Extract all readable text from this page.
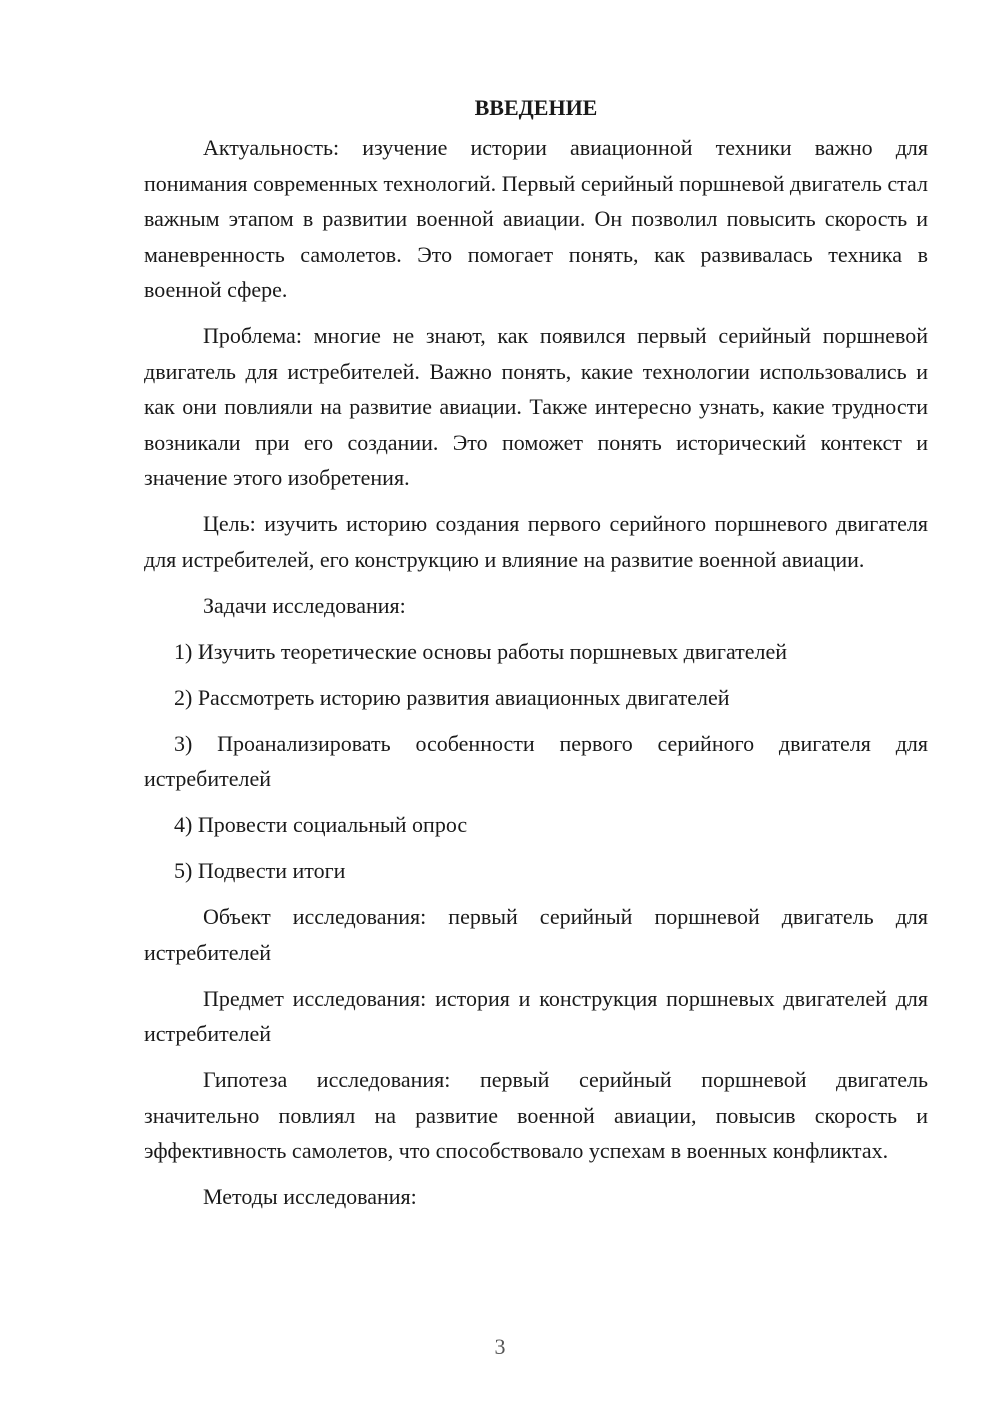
ВВЕДЕНИЕ

Актуальность: изучение истории авиационной техники важно для понимания современных технологий. Первый серийный поршневой двигатель стал важным этапом в развитии военной авиации. Он позволил повысить скорость и маневренность самолетов. Это помогает понять, как развивалась техника в военной сфере.

Проблема: многие не знают, как появился первый серийный поршневой двигатель для истребителей. Важно понять, какие технологии использовались и как они повлияли на развитие авиации. Также интересно узнать, какие трудности возникали при его создании. Это поможет понять исторический контекст и значение этого изобретения.

Цель: изучить историю создания первого серийного поршневого двигателя для истребителей, его конструкцию и влияние на развитие военной авиации.

Задачи исследования:

1) Изучить теоретические основы работы поршневых двигателей

2) Рассмотреть историю развития авиационных двигателей

3) Проанализировать особенности первого серийного двигателя для истребителей

4) Провести социальный опрос

5) Подвести итоги

Объект исследования: первый серийный поршневой двигатель для истребителей

Предмет исследования: история и конструкция поршневых двигателей для истребителей

Гипотеза исследования: первый серийный поршневой двигатель значительно повлиял на развитие военной авиации, повысив скорость и эффективность самолетов, что способствовало успехам в военных конфликтах.

Методы исследования:

3
